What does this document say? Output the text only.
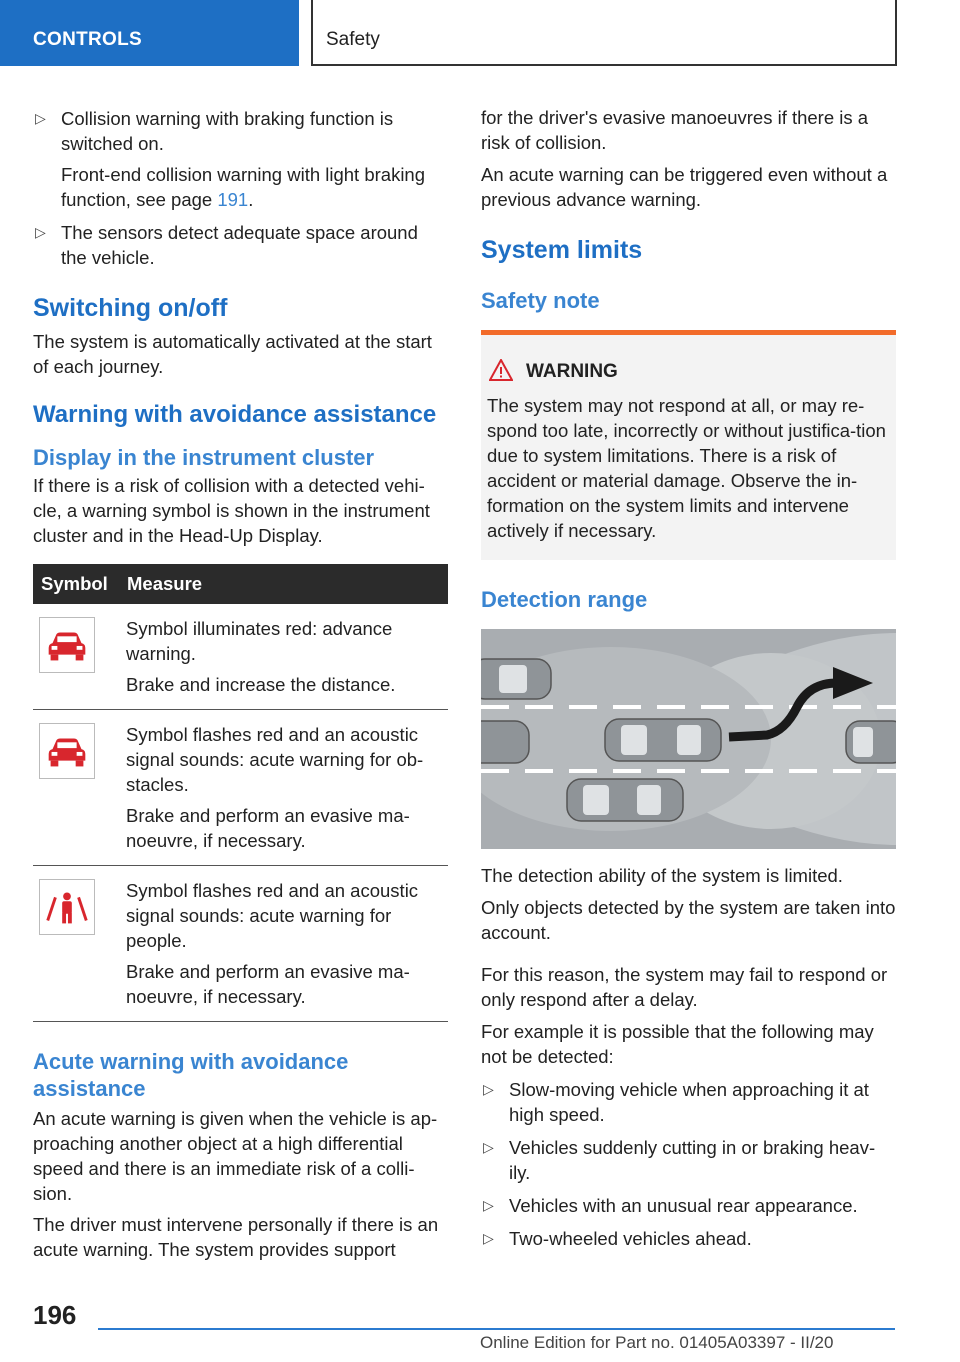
CONTROLS	Safety
▷ Collision warning with braking function is switched on.
Front-end collision warning with light braking function, see page 191.
▷ The sensors detect adequate space around the vehicle.
Switching on/off

The system is automatically activated at the start of each journey.

Warning with avoidance assistance
Display in the instrument cluster

If there is a risk of collision with a detected vehi-cle, a warning symbol is shown in the instrument cluster and in the Head-Up Display.

Symbol	Measure

Symbol illuminates red: advance warning.
Brake and increase the distance.

Symbol flashes red and an acoustic signal sounds: acute warning for ob-stacles.
Brake and perform an evasive ma-noeuvre, if necessary.

Symbol flashes red and an acoustic signal sounds: acute warning for people.
Brake and perform an evasive ma-noeuvre, if necessary.
Acute warning with avoidance assistance

An acute warning is given when the vehicle is ap-proaching another object at a high differential speed and there is an immediate risk of a colli-sion.

The driver must intervene personally if there is an acute warning. The system provides support

for the driver's evasive manoeuvres if there is a risk of collision.

An acute warning can be triggered even without a previous advance warning.

System limits
Safety note
WARNING

The system may not respond at all, or may re-spond too late, incorrectly or without justifica-tion due to system limitations. There is a risk of accident or material damage. Observe the in-formation on the system limits and intervene actively if necessary.

Detection range

The detection ability of the system is limited.

Only objects detected by the system are taken into account.

For this reason, the system may fail to respond or only respond after a delay.

For example it is possible that the following may not be detected:

▷ Slow-moving vehicle when approaching it at high speed.
▷ Vehicles suddenly cutting in or braking heav-ily.
▷ Vehicles with an unusual rear appearance.
▷ Two-wheeled vehicles ahead.
196
Online Edition for Part no. 01405A03397 - II/20
